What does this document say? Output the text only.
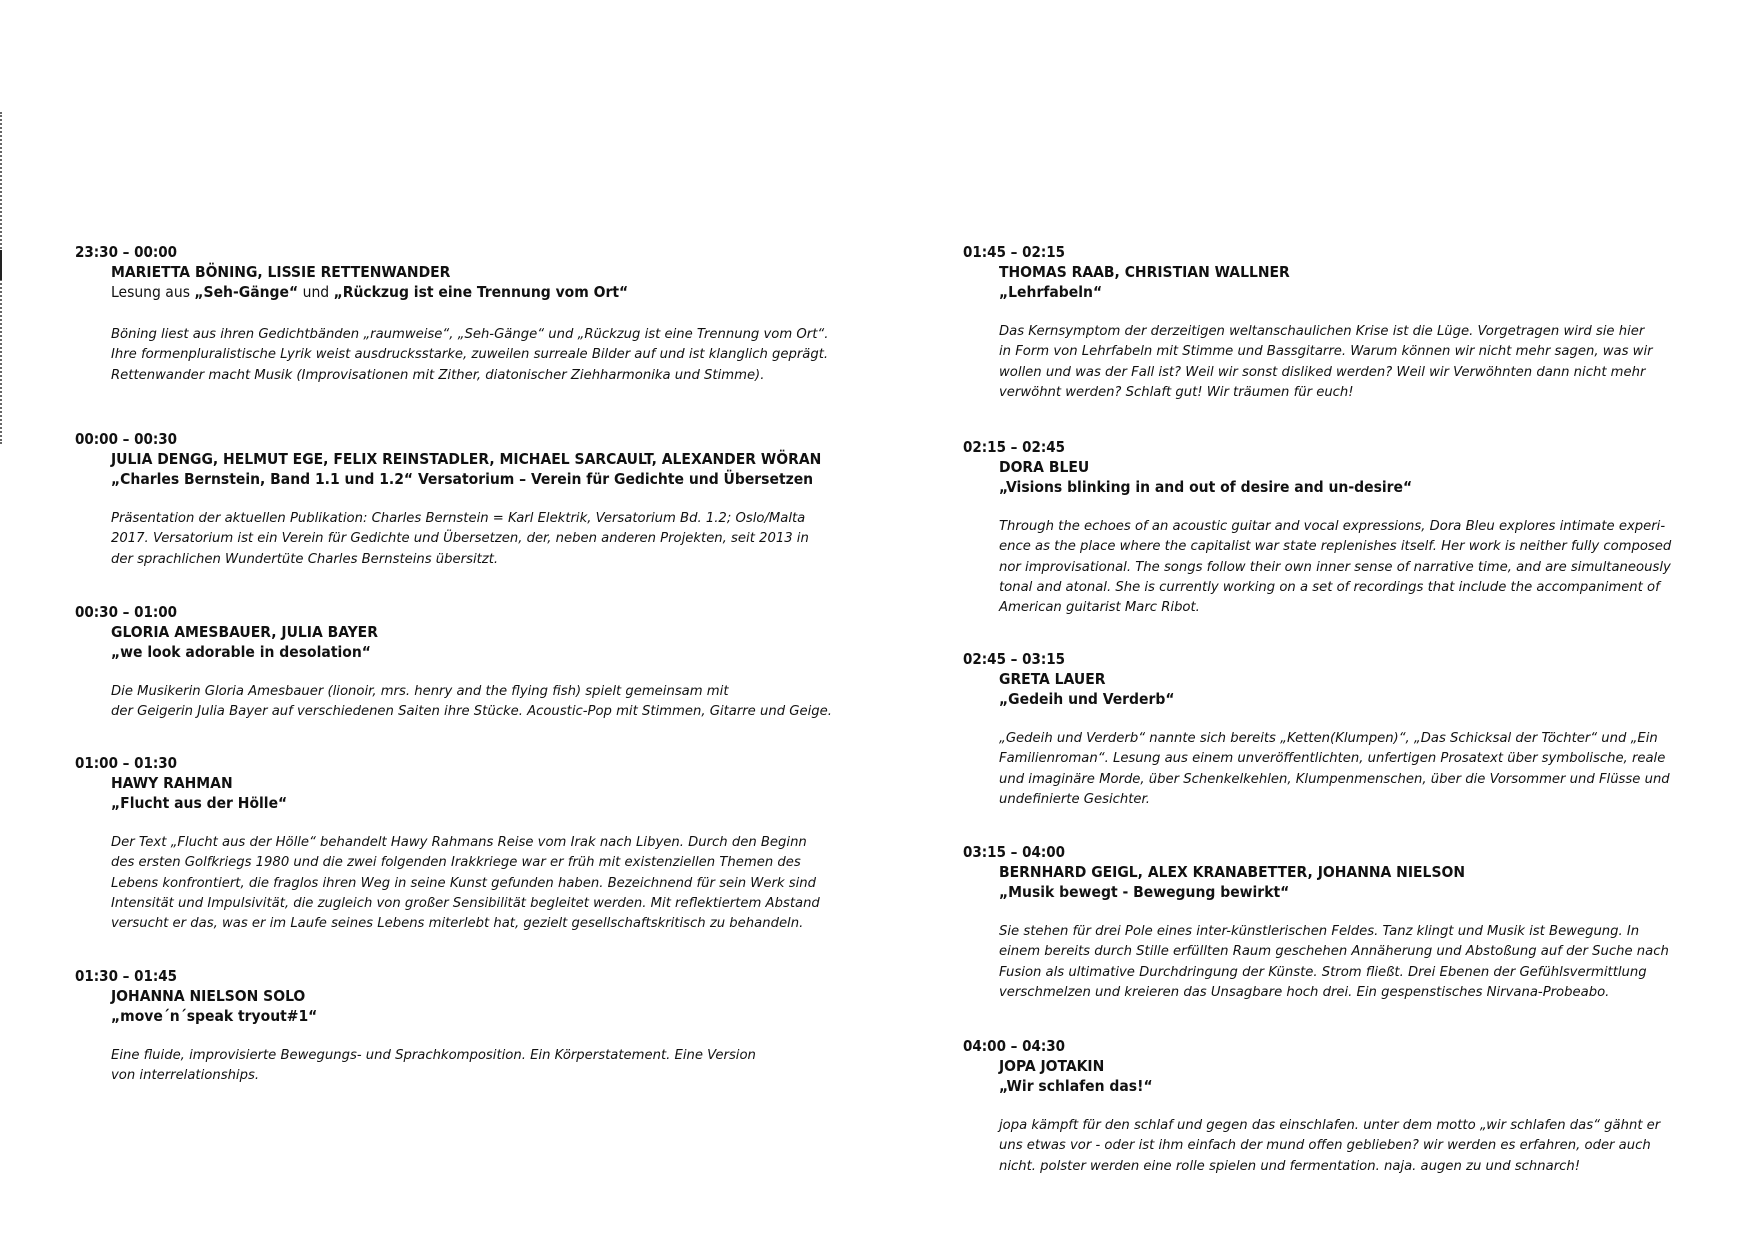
23:30 – 00:00
MARIETTA BÖNING, LISSIE RETTENWANDER
Lesung aus „Seh-Gänge“ und „Rückzug ist eine Trennung vom Ort“
Böning liest aus ihren Gedichtbänden „raumweise“, „Seh-Gänge“ und „Rückzug ist eine Trennung vom Ort“.
Ihre formenpluralistische Lyrik weist ausdrucksstarke, zuweilen surreale Bilder auf und ist klanglich geprägt.
Rettenwander macht Musik (Improvisationen mit Zither, diatonischer Ziehharmonika und Stimme).
00:00 – 00:30
JULIA DENGG, HELMUT EGE, FELIX REINSTADLER, MICHAEL SARCAULT, ALEXANDER WÖRAN
„Charles Bernstein, Band 1.1 und 1.2“ Versatorium – Verein für Gedichte und Übersetzen
Präsentation der aktuellen Publikation: Charles Bernstein = Karl Elektrik, Versatorium Bd. 1.2; Oslo/Malta
2017. Versatorium ist ein Verein für Gedichte und Übersetzen, der, neben anderen Projekten, seit 2013 in
der sprachlichen Wundertüte Charles Bernsteins übersitzt.
00:30 – 01:00
GLORIA AMESBAUER, JULIA BAYER
„we look adorable in desolation“
Die Musikerin Gloria Amesbauer (lionoir, mrs. henry and the flying fish) spielt gemeinsam mit
der Geigerin Julia Bayer auf verschiedenen Saiten ihre Stücke. Acoustic-Pop mit Stimmen, Gitarre und Geige.
01:00 – 01:30
HAWY RAHMAN
„Flucht aus der Hölle“
Der Text „Flucht aus der Hölle“ behandelt Hawy Rahmans Reise vom Irak nach Libyen. Durch den Beginn
des ersten Golfkriegs 1980 und die zwei folgenden Irakkriege war er früh mit existenziellen Themen des
Lebens konfrontiert, die fraglos ihren Weg in seine Kunst gefunden haben. Bezeichnend für sein Werk sind
Intensität und Impulsivität, die zugleich von großer Sensibilität begleitet werden. Mit reflektiertem Abstand
versucht er das, was er im Laufe seines Lebens miterlebt hat, gezielt gesellschaftskritisch zu behandeln.
01:30 – 01:45
JOHANNA NIELSON SOLO
„move´n´speak tryout#1“
Eine fluide, improvisierte Bewegungs- und Sprachkomposition. Ein Körperstatement. Eine Version
von interrelationships.
01:45 – 02:15
THOMAS RAAB, CHRISTIAN WALLNER
„Lehrfabeln“
Das Kernsymptom der derzeitigen weltanschaulichen Krise ist die Lüge. Vorgetragen wird sie hier
in Form von Lehrfabeln mit Stimme und Bassgitarre. Warum können wir nicht mehr sagen, was wir
wollen und was der Fall ist? Weil wir sonst disliked werden? Weil wir Verwöhnten dann nicht mehr
verwöhnt werden? Schlaft gut! Wir träumen für euch!
02:15 – 02:45
DORA BLEU
„Visions blinking in and out of desire and un-desire“
Through the echoes of an acoustic guitar and vocal expressions, Dora Bleu explores intimate experi-
ence as the place where the capitalist war state replenishes itself. Her work is neither fully composed
nor improvisational. The songs follow their own inner sense of narrative time, and are simultaneously
tonal and atonal. She is currently working on a set of recordings that include the accompaniment of
American guitarist Marc Ribot.
02:45 – 03:15
GRETA LAUER
„Gedeih und Verderb“
„Gedeih und Verderb“ nannte sich bereits „Ketten(Klumpen)“, „Das Schicksal der Töchter“ und „Ein
Familienroman“. Lesung aus einem unveröffentlichten, unfertigen Prosatext über symbolische, reale
und imaginäre Morde, über Schenkelkehlen, Klumpenmenschen, über die Vorsommer und Flüsse und
undefinierte Gesichter.
03:15 – 04:00
BERNHARD GEIGL, ALEX KRANABETTER, JOHANNA NIELSON
„Musik bewegt - Bewegung bewirkt“
Sie stehen für drei Pole eines inter-künstlerischen Feldes. Tanz klingt und Musik ist Bewegung. In
einem bereits durch Stille erfüllten Raum geschehen Annäherung und Abstoßung auf der Suche nach
Fusion als ultimative Durchdringung der Künste. Strom fließt. Drei Ebenen der Gefühlsvermittlung
verschmelzen und kreieren das Unsagbare hoch drei. Ein gespenstisches Nirvana-Probeabo.
04:00 – 04:30
JOPA JOTAKIN
„Wir schlafen das!“
jopa kämpft für den schlaf und gegen das einschlafen. unter dem motto „wir schlafen das“ gähnt er
uns etwas vor - oder ist ihm einfach der mund offen geblieben? wir werden es erfahren, oder auch
nicht. polster werden eine rolle spielen und fermentation. naja. augen zu und schnarch!
